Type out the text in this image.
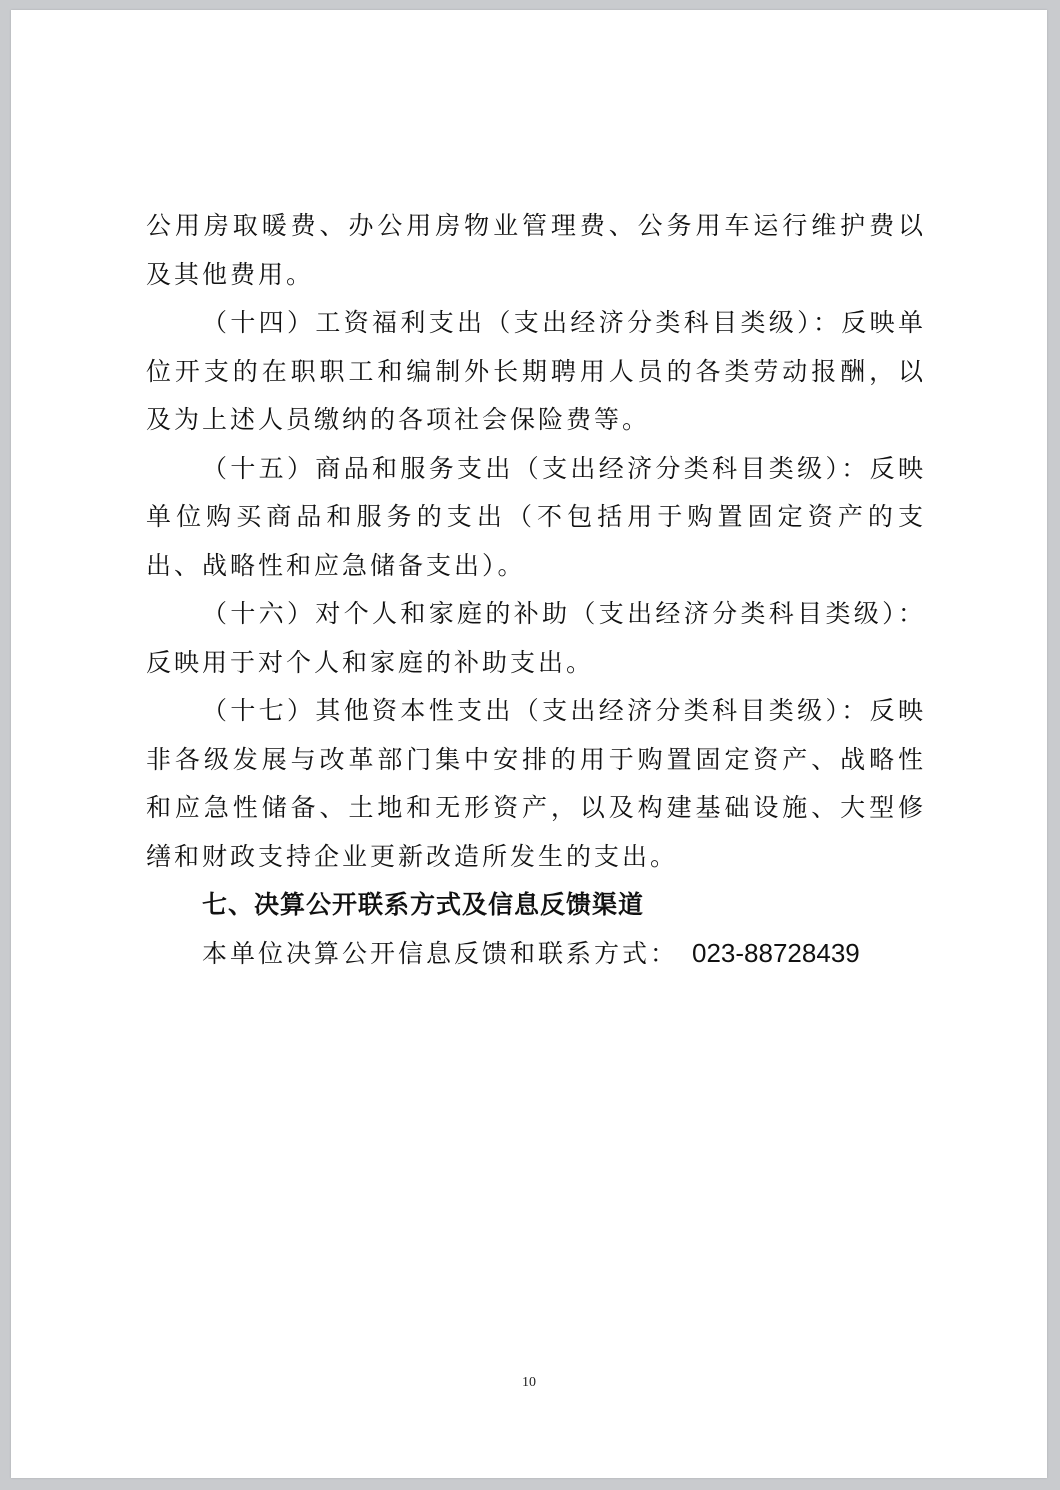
公用房取暖费、办公用房物业管理费、公务用车运行维护费以及其他费用。

（十四）工资福利支出（支出经济分类科目类级）：反映单位开支的在职职工和编制外长期聘用人员的各类劳动报酬，以及为上述人员缴纳的各项社会保险费等。

（十五）商品和服务支出（支出经济分类科目类级）：反映单位购买商品和服务的支出（不包括用于购置固定资产的支出、战略性和应急储备支出）。

（十六）对个人和家庭的补助（支出经济分类科目类级）：反映用于对个人和家庭的补助支出。

（十七）其他资本性支出（支出经济分类科目类级）：反映非各级发展与改革部门集中安排的用于购置固定资产、战略性和应急性储备、土地和无形资产，以及构建基础设施、大型修缮和财政支持企业更新改造所发生的支出。

七、决算公开联系方式及信息反馈渠道

本单位决算公开信息反馈和联系方式： 023-88728439

10
